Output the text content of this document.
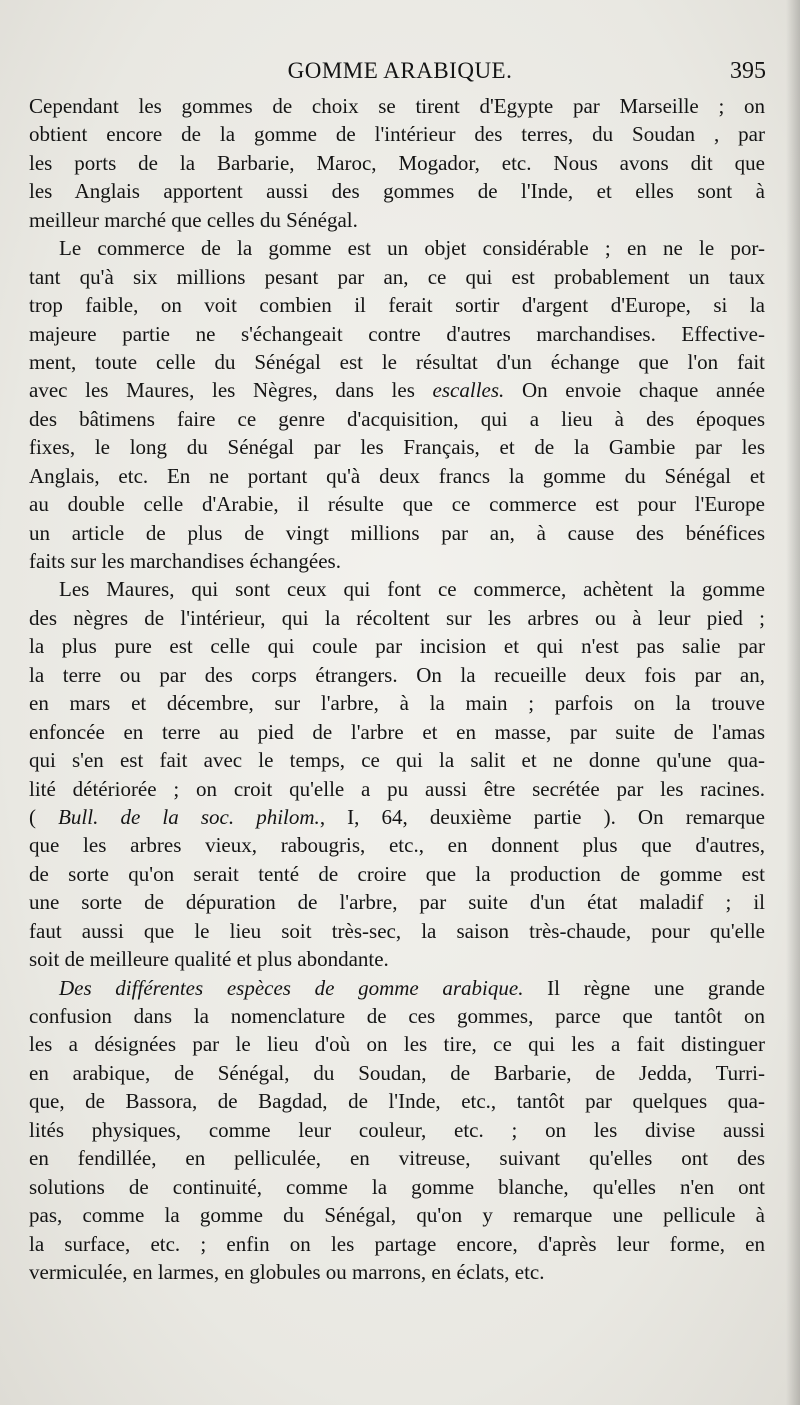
GOMME ARABIQUE.	395
Cependant les gommes de choix se tirent d'Egypte par Marseille ; on
obtient encore de la gomme de l'intérieur des terres, du Soudan , par
les ports de la Barbarie, Maroc, Mogador, etc. Nous avons dit que
les Anglais apportent aussi des gommes de l'Inde, et elles sont à
meilleur marché que celles du Sénégal.
Le commerce de la gomme est un objet considérable ; en ne le por-
tant qu'à six millions pesant par an, ce qui est probablement un taux
trop faible, on voit combien il ferait sortir d'argent d'Europe, si la
majeure partie ne s'échangeait contre d'autres marchandises. Effective-
ment, toute celle du Sénégal est le résultat d'un échange que l'on fait
avec les Maures, les Nègres, dans les escalles. On envoie chaque année
des bâtimens faire ce genre d'acquisition, qui a lieu à des époques
fixes, le long du Sénégal par les Français, et de la Gambie par les
Anglais, etc. En ne portant qu'à deux francs la gomme du Sénégal et
au double celle d'Arabie, il résulte que ce commerce est pour l'Europe
un article de plus de vingt millions par an, à cause des bénéfices
faits sur les marchandises échangées.
Les Maures, qui sont ceux qui font ce commerce, achètent la gomme
des nègres de l'intérieur, qui la récoltent sur les arbres ou à leur pied ;
la plus pure est celle qui coule par incision et qui n'est pas salie par
la terre ou par des corps étrangers. On la recueille deux fois par an,
en mars et décembre, sur l'arbre, à la main ; parfois on la trouve
enfoncée en terre au pied de l'arbre et en masse, par suite de l'amas
qui s'en est fait avec le temps, ce qui la salit et ne donne qu'une qua-
lité détériorée ; on croit qu'elle a pu aussi être secrétée par les racines.
( Bull. de la soc. philom., I, 64, deuxième partie ). On remarque
que les arbres vieux, rabougris, etc., en donnent plus que d'autres,
de sorte qu'on serait tenté de croire que la production de gomme est
une sorte de dépuration de l'arbre, par suite d'un état maladif ; il
faut aussi que le lieu soit très-sec, la saison très-chaude, pour qu'elle
soit de meilleure qualité et plus abondante.
Des différentes espèces de gomme arabique. Il règne une grande
confusion dans la nomenclature de ces gommes, parce que tantôt on
les a désignées par le lieu d'où on les tire, ce qui les a fait distinguer
en arabique, de Sénégal, du Soudan, de Barbarie, de Jedda, Turri-
que, de Bassora, de Bagdad, de l'Inde, etc., tantôt par quelques qua-
lités physiques, comme leur couleur, etc. ; on les divise aussi
en fendillée, en pelliculée, en vitreuse, suivant qu'elles ont des
solutions de continuité, comme la gomme blanche, qu'elles n'en ont
pas, comme la gomme du Sénégal, qu'on y remarque une pellicule à
la surface, etc. ; enfin on les partage encore, d'après leur forme, en
vermiculée, en larmes, en globules ou marrons, en éclats, etc.
